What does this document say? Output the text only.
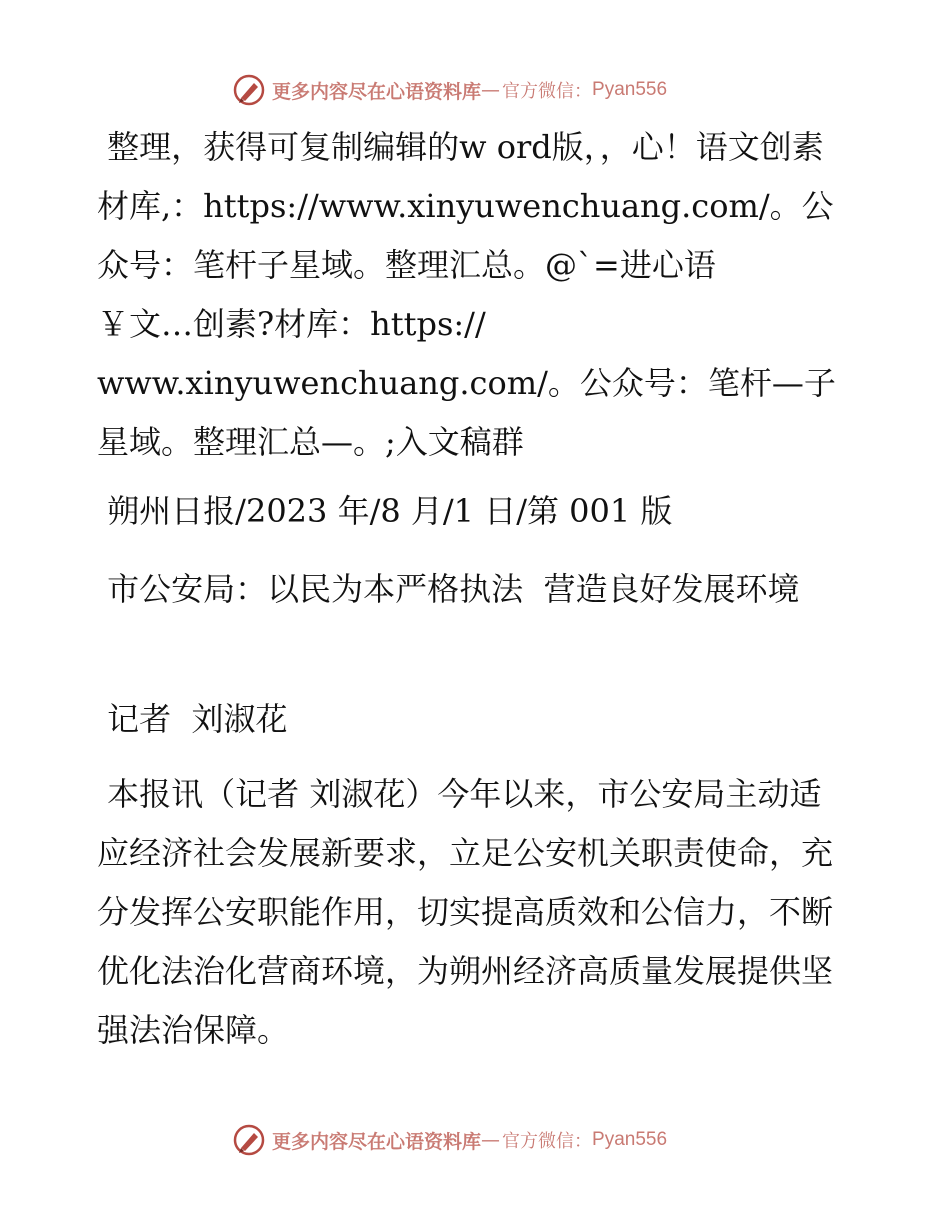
更多内容尽在心语资料库 — 官方微信： Pyan556

整理，获得可复制编辑的w ord版，，心！语文创素材库,：https://www.xinyuwenchuang.com/。公众号：笔杆子星域。整理汇总。@`=进心语
￥文…创素?材库：https://
www.xinyuwenchuang.com/。公众号：笔杆—子星域。整理汇总—。;入文稿群

朔州日报/2023 年/8 月/1 日/第 001 版

市公安局：以民为本严格执法  营造良好发展环境

记者  刘淑花

本报讯（记者 刘淑花）今年以来，市公安局主动适应经济社会发展新要求，立足公安机关职责使命，充分发挥公安职能作用，切实提高质效和公信力，不断优化法治化营商环境，为朔州经济高质量发展提供坚强法治保障。

更多内容尽在心语资料库 — 官方微信： Pyan556
